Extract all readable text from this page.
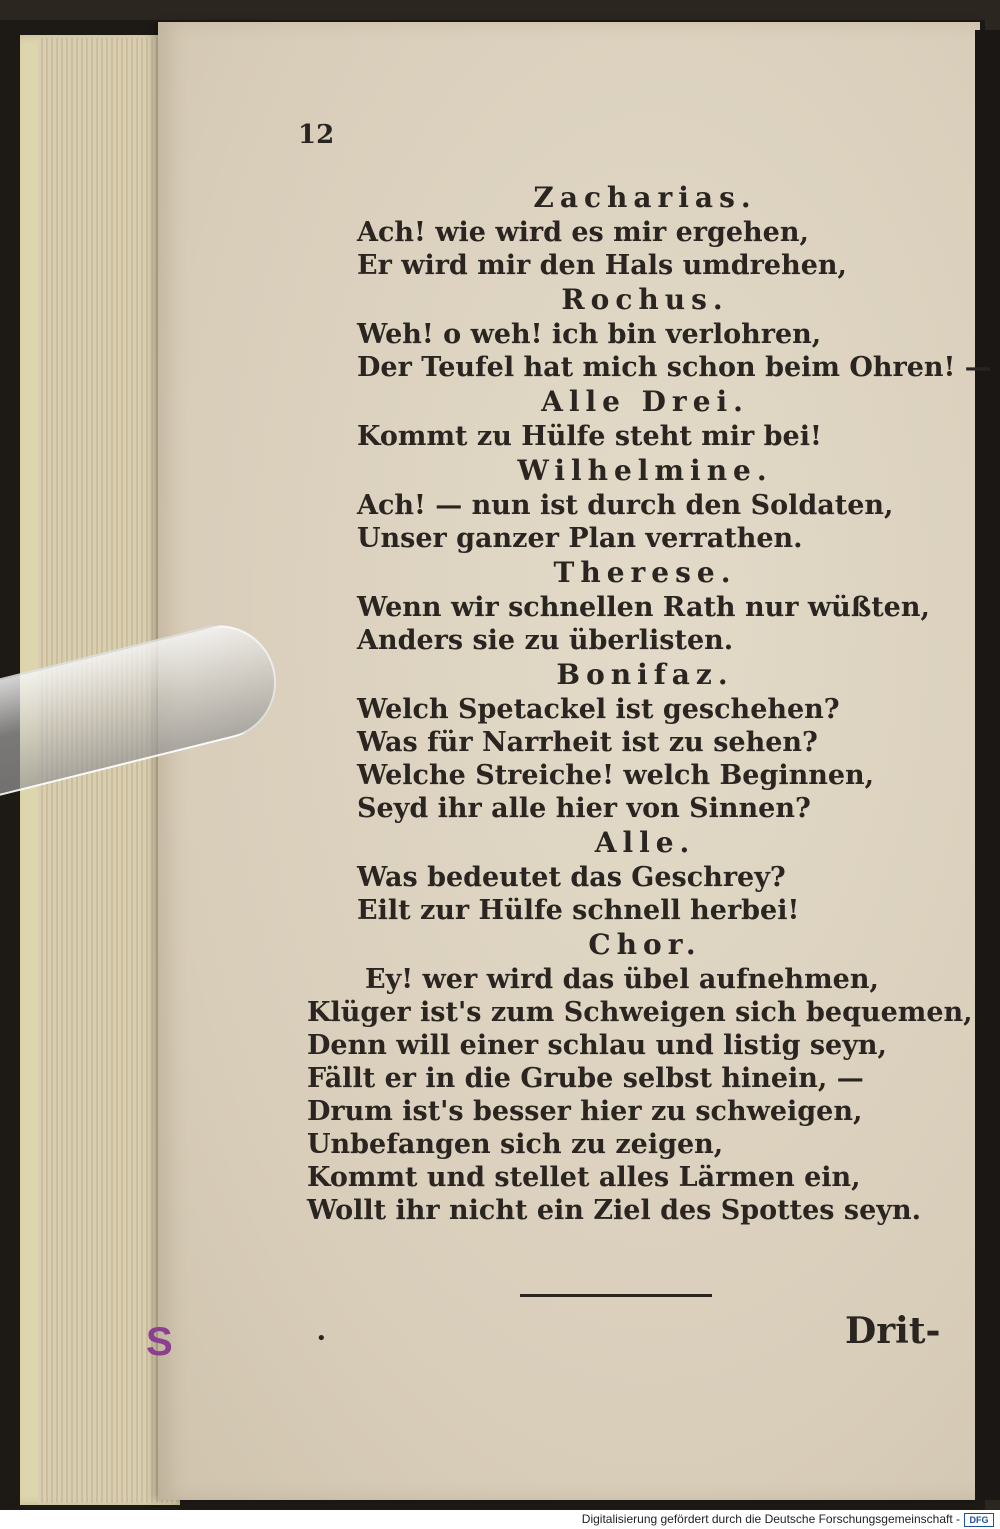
12
Zacharias.
Ach! wie wird es mir ergehen,
Er wird mir den Hals umdrehen,
Rochus.
Weh! o weh! ich bin verlohren,
Der Teufel hat mich schon beim Ohren! —
Alle Drei.
Kommt zu Hülfe steht mir bei!
Wilhelmine.
Ach! — nun ist durch den Soldaten,
Unser ganzer Plan verrathen.
Therese.
Wenn wir schnellen Rath nur wüßten,
Anders sie zu überlisten.
Bonifaz.
Welch Spetackel ist geschehen?
Was für Narrheit ist zu sehen?
Welche Streiche! welch Beginnen,
Seyd ihr alle hier von Sinnen?
Alle.
Was bedeutet das Geschrey?
Eilt zur Hülfe schnell herbei!
Chor.
Ey! wer wird das übel aufnehmen,
Klüger ist's zum Schweigen sich bequemen,
Denn will einer schlau und listig seyn,
Fällt er in die Grube selbst hinein, —
Drum ist's besser hier zu schweigen,
Unbefangen sich zu zeigen,
Kommt und stellet alles Lärmen ein,
Wollt ihr nicht ein Ziel des Spottes seyn.
Drit-
•
S
Digitalisierung gefördert durch die Deutsche Forschungsgemeinschaft -	DFG
